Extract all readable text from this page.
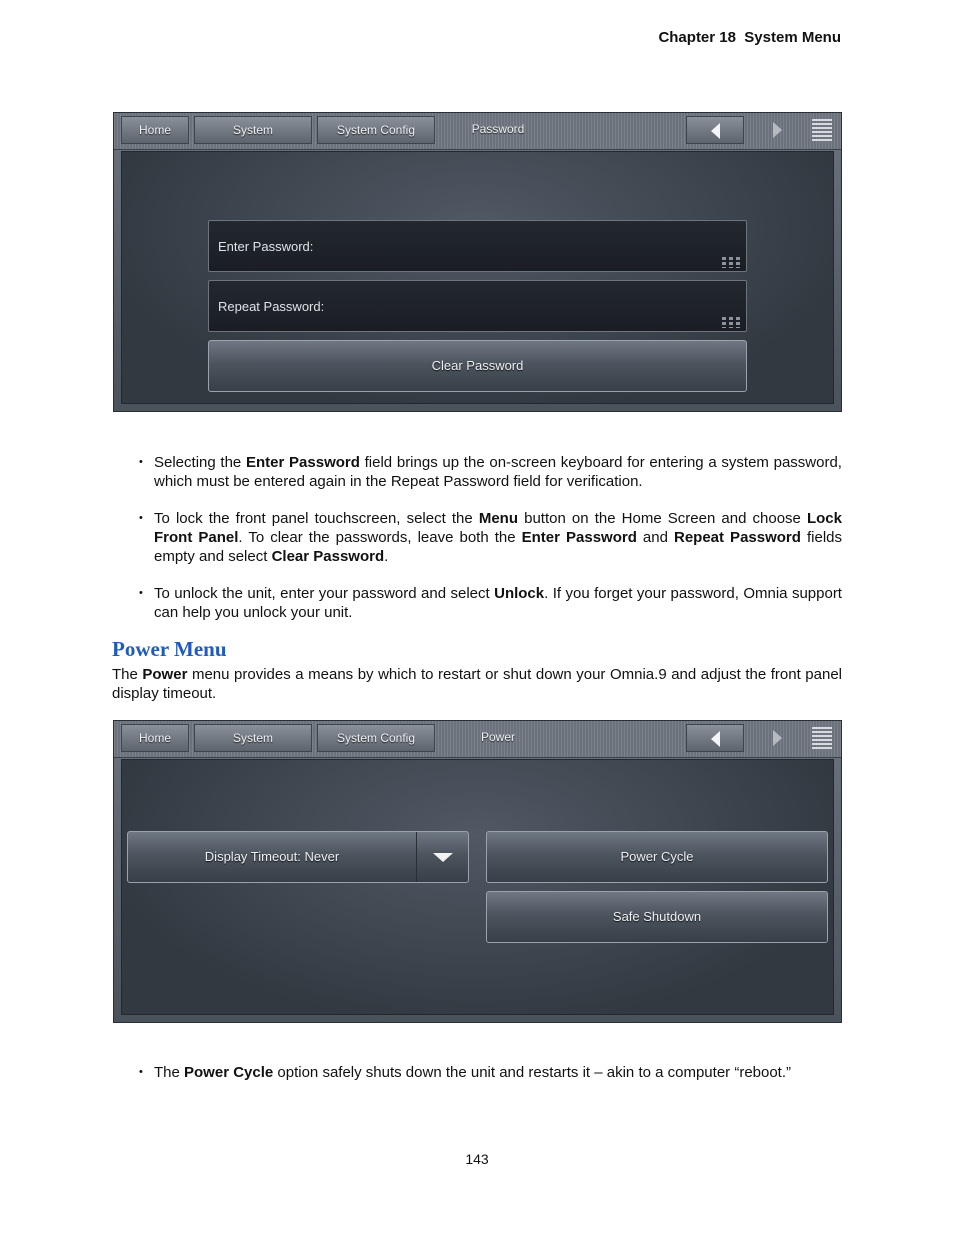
Chapter 18  System Menu
Home	System	System Config	Password
Enter Password:
Repeat Password:
Clear Password
• Selecting the Enter Password field brings up the on-screen keyboard for entering a system password, which must be entered again in the Repeat Password field for verification.
• To lock the front panel touchscreen, select the Menu button on the Home Screen and choose Lock Front Panel. To clear the passwords, leave both the Enter Password and Repeat Password fields empty and select Clear Password.
• To unlock the unit, enter your password and select Unlock. If you forget your password, Omnia support can help you unlock your unit.
Power Menu
The Power menu provides a means by which to restart or shut down your Omnia.9 and adjust the front panel display timeout.
Home	System	System Config	Power
Display Timeout: Never	Power Cycle
Safe Shutdown
• The Power Cycle option safely shuts down the unit and restarts it – akin to a computer “reboot.”
143
